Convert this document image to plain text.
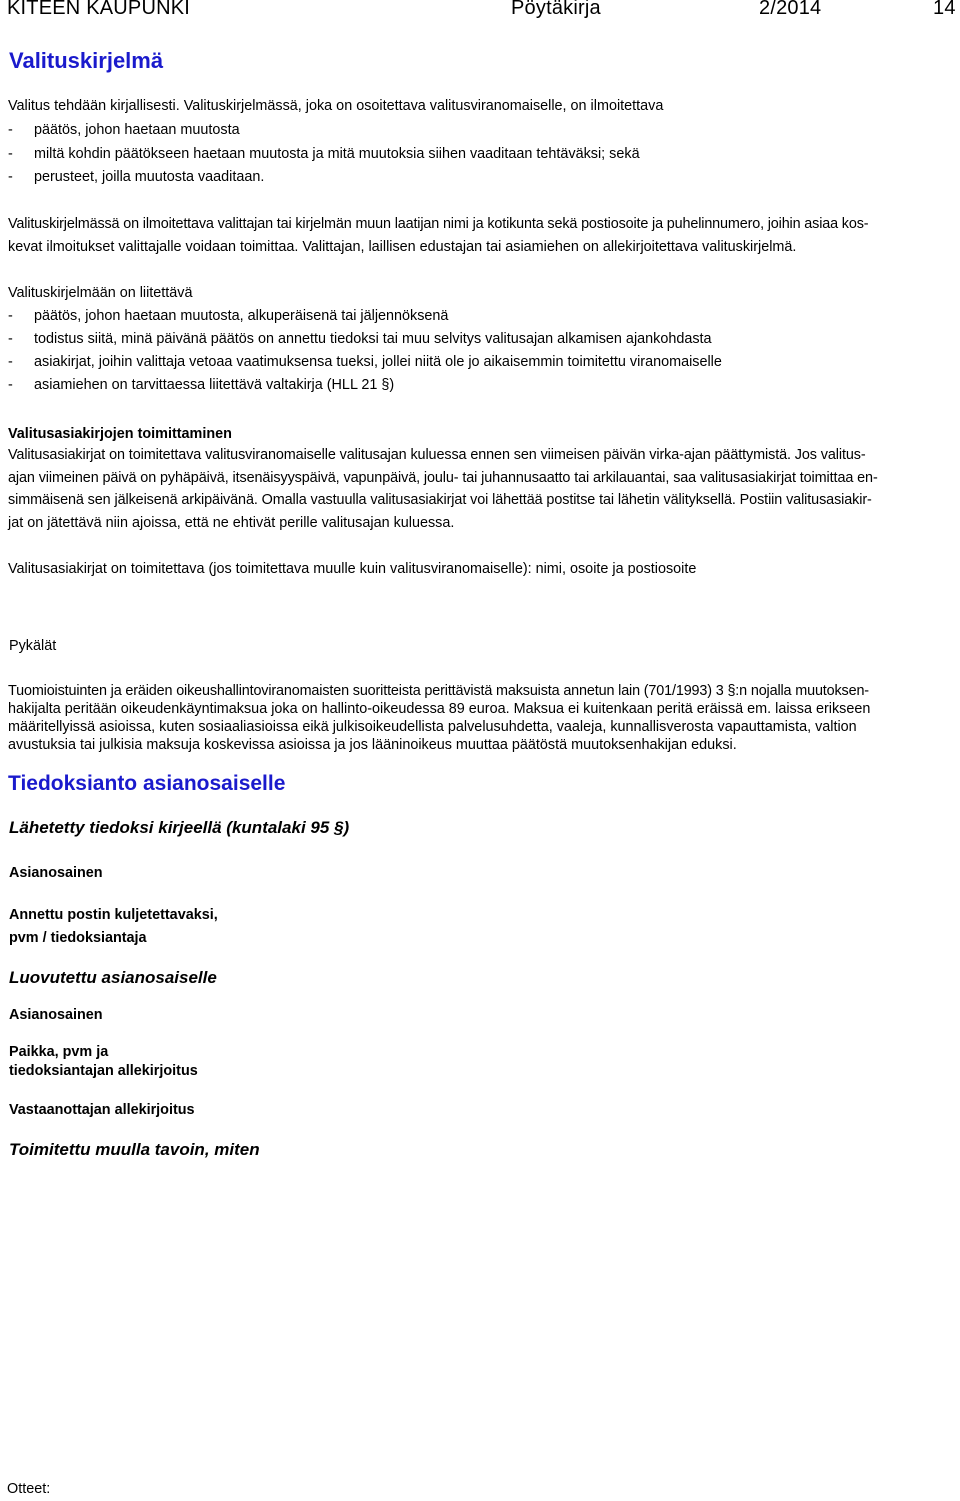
KITEEN KAUPUNKI	Pöytäkirja	2/2014	14
Valituskirjelmä

Valitus tehdään kirjallisesti. Valituskirjelmässä, joka on osoitettava valitusviranomaiselle, on ilmoitettava

- päätös, johon haetaan muutosta

- miltä kohdin päätökseen haetaan muutosta ja mitä muutoksia siihen vaaditaan tehtäväksi; sekä

- perusteet, joilla muutosta vaaditaan.

Valituskirjelmässä on ilmoitettava valittajan tai kirjelmän muun laatijan nimi ja kotikunta sekä postiosoite ja puhelinnumero, joihin asiaa kos-

kevat ilmoitukset valittajalle voidaan toimittaa. Valittajan, laillisen edustajan tai asiamiehen on allekirjoitettava valituskirjelmä.

Valituskirjelmään on liitettävä

- päätös, johon haetaan muutosta, alkuperäisenä tai jäljennöksenä

- todistus siitä, minä päivänä päätös on annettu tiedoksi tai muu selvitys valitusajan alkamisen ajankohdasta

- asiakirjat, joihin valittaja vetoaa vaatimuksensa tueksi, jollei niitä ole jo aikaisemmin toimitettu viranomaiselle

- asiamiehen on tarvittaessa liitettävä valtakirja (HLL 21 §)

Valitusasiakirjojen toimittaminen

Valitusasiakirjat on toimitettava valitusviranomaiselle valitusajan kuluessa ennen sen viimeisen päivän virka-ajan päättymistä. Jos valitus-

ajan viimeinen päivä on pyhäpäivä, itsenäisyyspäivä, vapunpäivä, joulu- tai juhannusaatto tai arkilauantai, saa valitusasiakirjat toimittaa en-

simmäisenä sen jälkeisenä arkipäivänä. Omalla vastuulla valitusasiakirjat voi lähettää postitse tai lähetin välityksellä. Postiin valitusasiakir-

jat on jätettävä niin ajoissa, että ne ehtivät perille valitusajan kuluessa.

Valitusasiakirjat on toimitettava (jos toimitettava muulle kuin valitusviranomaiselle): nimi, osoite ja postiosoite

Pykälät

Tuomioistuinten ja eräiden oikeushallintoviranomaisten suoritteista perittävistä maksuista annetun lain (701/1993) 3 §:n nojalla muutoksen-

hakijalta peritään oikeudenkäyntimaksua joka on hallinto-oikeudessa 89 euroa. Maksua ei kuitenkaan peritä eräissä em. laissa erikseen

määritellyissä asioissa, kuten sosiaaliasioissa eikä julkisoikeudellista palvelusuhdetta, vaaleja, kunnallisverosta vapauttamista, valtion

avustuksia tai julkisia maksuja koskevissa asioissa ja jos lääninoikeus muuttaa päätöstä muutoksenhakijan eduksi.

Tiedoksianto asianosaiselle

Lähetetty tiedoksi kirjeellä (kuntalaki 95 §)

Asianosainen

Annettu postin kuljetettavaksi,

pvm / tiedoksiantaja

Luovutettu asianosaiselle

Asianosainen

Paikka, pvm ja

tiedoksiantajan allekirjoitus

Vastaanottajan allekirjoitus

Toimitettu muulla tavoin, miten

Otteet:
